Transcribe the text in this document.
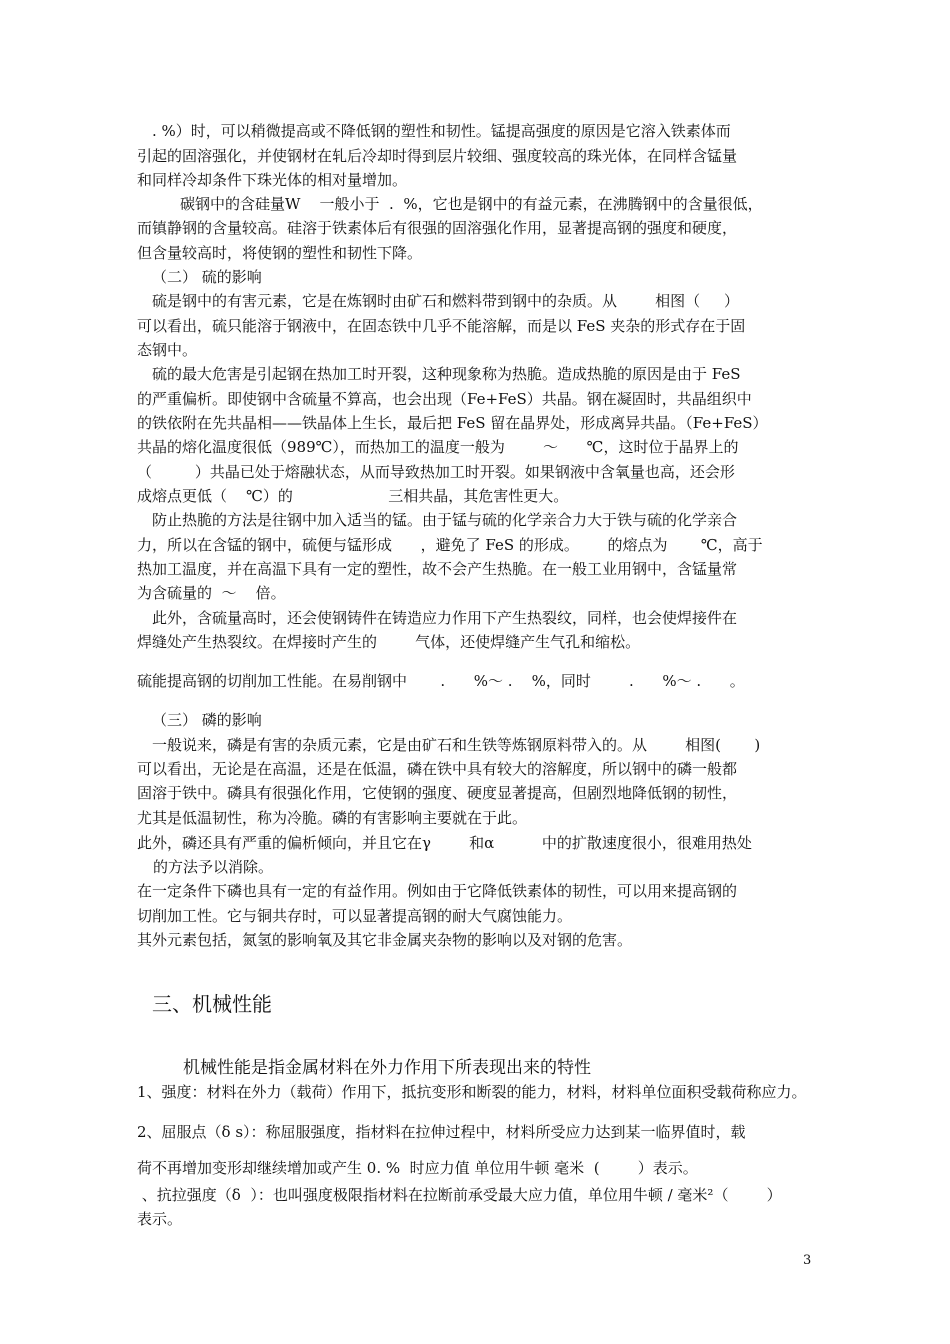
. %）时，可以稍微提高或不降低钢的塑性和韧性。锰提高强度的原因是它溶入铁素体而

引起的固溶强化，并使钢材在轧后冷却时得到层片较细、强度较高的珠光体，在同样含锰量

和同样冷却条件下珠光体的相对量增加。

碳钢中的含硅量W    一般小于  .  %，它也是钢中的有益元素，在沸腾钢中的含量很低，

而镇静钢的含量较高。硅溶于铁素体后有很强的固溶强化作用，显著提高钢的强度和硬度，

但含量较高时，将使钢的塑性和韧性下降。

（二） 硫的影响

硫是钢中的有害元素，它是在炼钢时由矿石和燃料带到钢中的杂质。从        相图（     ）

可以看出，硫只能溶于钢液中，在固态铁中几乎不能溶解，而是以 FeS 夹杂的形式存在于固

态钢中。

硫的最大危害是引起钢在热加工时开裂，这种现象称为热脆。造成热脆的原因是由于 FeS

的严重偏析。即使钢中含硫量不算高，也会出现（Fe+FeS）共晶。钢在凝固时，共晶组织中

的铁依附在先共晶相——铁晶体上生长，最后把 FeS 留在晶界处，形成离异共晶。（Fe+FeS）

共晶的熔化温度很低（989℃），而热加工的温度一般为        ～      ℃，这时位于晶界上的

（         ）共晶已处于熔融状态，从而导致热加工时开裂。如果钢液中含氧量也高，还会形

成熔点更低（    ℃）的                    三相共晶，其危害性更大。

防止热脆的方法是往钢中加入适当的锰。由于锰与硫的化学亲合力大于铁与硫的化学亲合

力，所以在含锰的钢中，硫便与锰形成      ，避免了 FeS 的形成。      的熔点为       ℃，高于

热加工温度，并在高温下具有一定的塑性，故不会产生热脆。在一般工业用钢中，含锰量常

为含硫量的  ～    倍。

此外，含硫量高时，还会使钢铸件在铸造应力作用下产生热裂纹，同样，也会使焊接件在

焊缝处产生热裂纹。在焊接时产生的        气体，还使焊缝产生气孔和缩松。

硫能提高钢的切削加工性能。在易削钢中       .      %～ .    %，同时        .      %～ .      。

（三） 磷的影响

一般说来，磷是有害的杂质元素，它是由矿石和生铁等炼钢原料带入的。从        相图(       )

可以看出，无论是在高温，还是在低温，磷在铁中具有较大的溶解度，所以钢中的磷一般都

固溶于铁中。磷具有很强化作用，它使钢的强度、硬度显著提高，但剧烈地降低钢的韧性，

尤其是低温韧性，称为冷脆。磷的有害影响主要就在于此。

此外，磷还具有严重的偏析倾向，并且它在γ        和α          中的扩散速度很小，很难用热处

的方法予以消除。

在一定条件下磷也具有一定的有益作用。例如由于它降低铁素体的韧性，可以用来提高钢的

切削加工性。它与铜共存时，可以显著提高钢的耐大气腐蚀能力。

其外元素包括，氮氢的影响氧及其它非金属夹杂物的影响以及对钢的危害。

三、机械性能

机械性能是指金属材料在外力作用下所表现出来的特性

1、强度：材料在外力（载荷）作用下，抵抗变形和断裂的能力，材料，材料单位面积受载荷称应力。

2、屈服点（δ s）：称屈服强度，指材料在拉伸过程中，材料所受应力达到某一临界值时，载

荷不再增加变形却继续增加或产生 0. %  时应力值 单位用牛顿 毫米  (        ）表示。

、抗拉强度（δ  ）：也叫强度极限指材料在拉断前承受最大应力值，单位用牛顿 / 毫米²（        ）

表示。

3
